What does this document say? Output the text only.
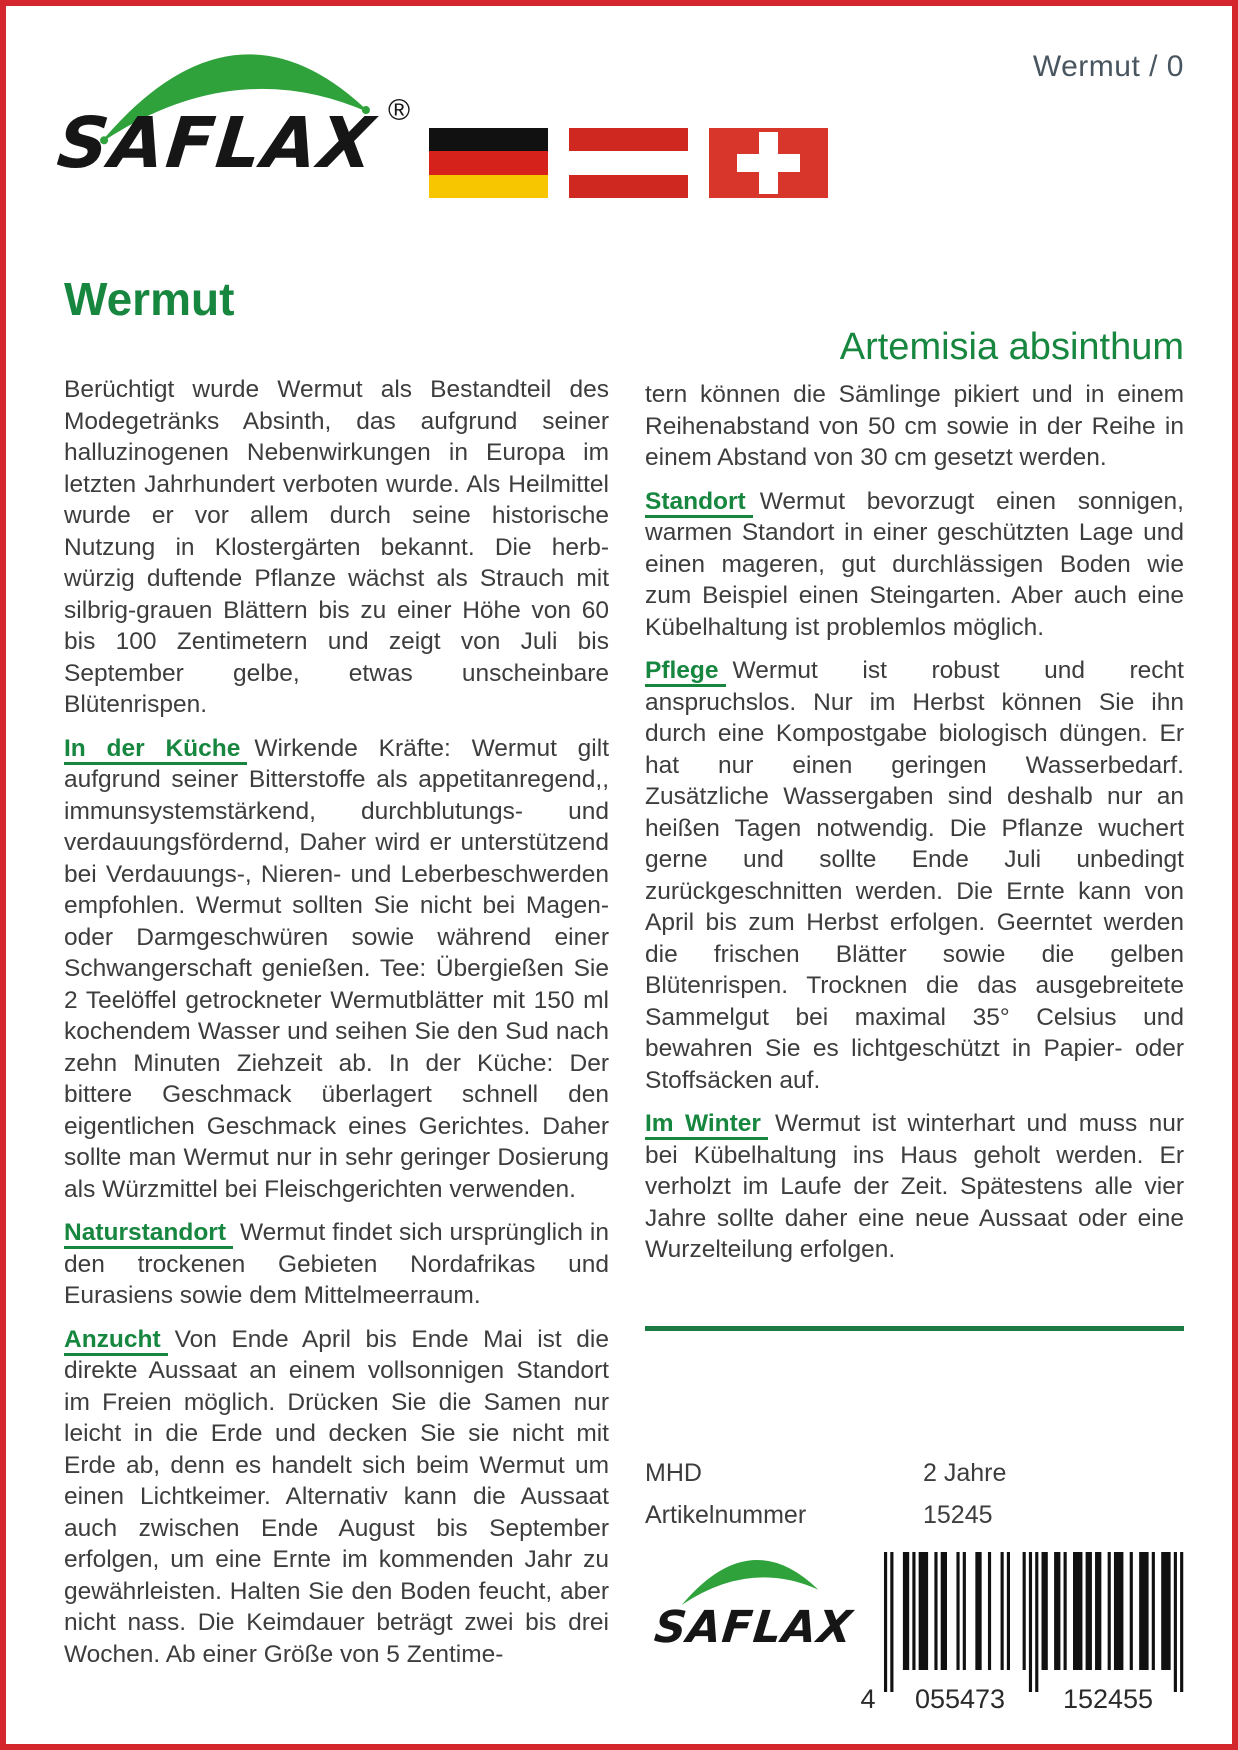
SAFLAX ®
Wermut / 0
Wermut

Berüchtigt wurde Wermut als Bestandteil des Modegetränks Absinth, das aufgrund seiner halluzinogenen Nebenwirkungen in Europa im letzten Jahrhundert verboten wurde. Als Heilmittel wurde er vor allem durch seine historische Nutzung in Klostergärten bekannt. Die herb-würzig duftende Pflanze wächst als Strauch mit silbrig-grauen Blättern bis zu einer Höhe von 60 bis 100 Zentimetern und zeigt von Juli bis September gelbe, etwas unscheinbare Blütenrispen.

In der Küche Wirkende Kräfte: Wermut gilt aufgrund seiner Bitterstoffe als appetitanregend,, immunsystemstärkend, durchblutungs- und verdauungsfördernd, Daher wird er unterstützend bei Verdauungs-, Nieren- und Leberbeschwerden empfohlen. Wermut sollten Sie nicht bei Magen- oder Darmgeschwüren sowie während einer Schwangerschaft genießen. Tee: Übergießen Sie 2 Teelöffel getrockneter Wermutblätter mit 150 ml kochendem Wasser und seihen Sie den Sud nach zehn Minuten Ziehzeit ab. In der Küche: Der bittere Geschmack überlagert schnell den eigentlichen Geschmack eines Gerichtes. Daher sollte man Wermut nur in sehr geringer Dosierung als Würzmittel bei Fleischgerichten verwenden.

Naturstandort Wermut findet sich ursprünglich in den trockenen Gebieten Nordafrikas und Eurasiens sowie dem Mittelmeerraum.

Anzucht Von Ende April bis Ende Mai ist die direkte Aussaat an einem vollsonnigen Standort im Freien möglich. Drücken Sie die Samen nur leicht in die Erde und decken Sie sie nicht mit Erde ab, denn es handelt sich beim Wermut um einen Lichtkeimer. Alternativ kann die Aussaat auch zwischen Ende August bis September erfolgen, um eine Ernte im kommenden Jahr zu gewährleisten. Halten Sie den Boden feucht, aber nicht nass. Die Keimdauer beträgt zwei bis drei Wochen. Ab einer Größe von 5 Zentime-

Artemisia absinthum

tern können die Sämlinge pikiert und in einem Reihenabstand von 50 cm sowie in der Reihe in einem Abstand von 30 cm gesetzt werden.

Standort Wermut bevorzugt einen sonnigen, warmen Standort in einer geschützten Lage und einen mageren, gut durchlässigen Boden wie zum Beispiel einen Steingarten. Aber auch eine Kübelhaltung ist problemlos möglich.

Pflege Wermut ist robust und recht anspruchslos. Nur im Herbst können Sie ihn durch eine Kompostgabe biologisch düngen. Er hat nur einen geringen Wasserbedarf. Zusätzliche Wassergaben sind deshalb nur an heißen Tagen notwendig. Die Pflanze wuchert gerne und sollte Ende Juli unbedingt zurückgeschnitten werden. Die Ernte kann von April bis zum Herbst erfolgen. Geerntet werden die frischen Blätter sowie die gelben Blütenrispen. Trocknen die das ausgebreitete Sammelgut bei maximal 35° Celsius und bewahren Sie es lichtgeschützt in Papier- oder Stoffsäcken auf.

Im Winter Wermut ist winterhart und muss nur bei Kübelhaltung ins Haus geholt werden. Er verholzt im Laufe der Zeit. Spätestens alle vier Jahre sollte daher eine neue Aussaat oder eine Wurzelteilung erfolgen.

MHD	2 Jahre
Artikelnummer	15245
SAFLAX
4 055473 152455
